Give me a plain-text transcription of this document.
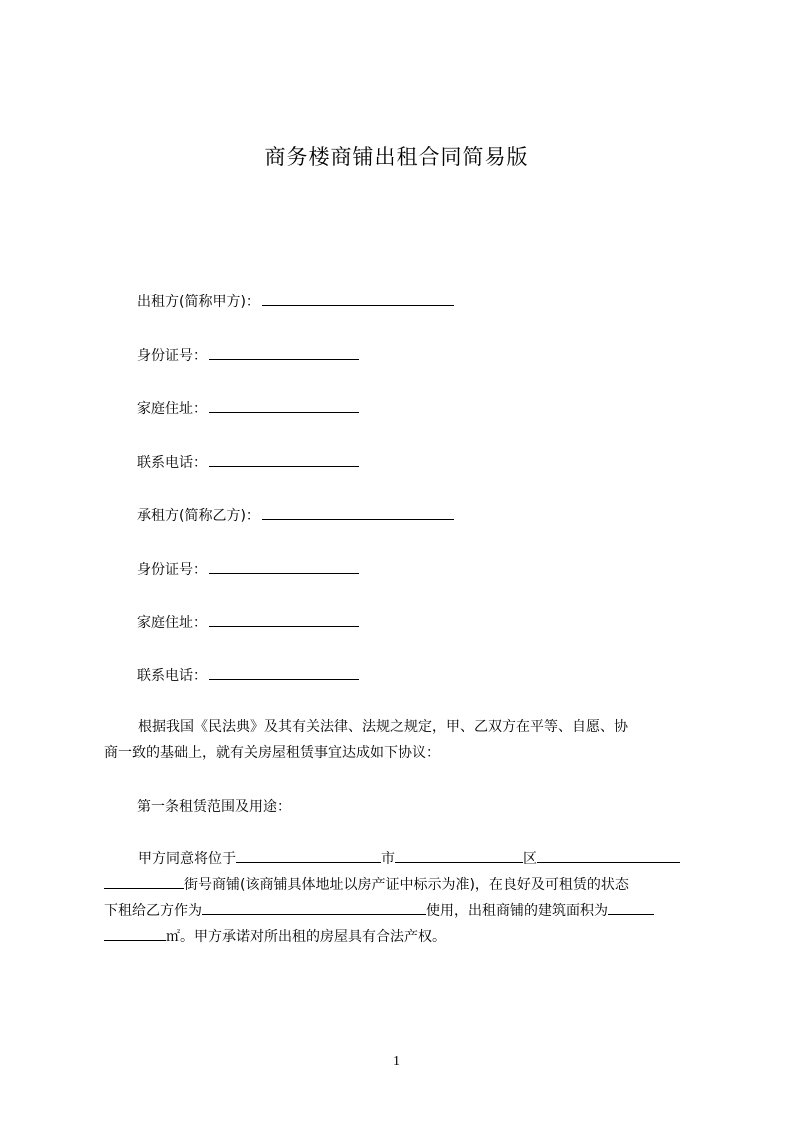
商务楼商铺出租合同简易版
出租方(简称甲方)：
身份证号：
家庭住址：
联系电话：
承租方(简称乙方)：
身份证号：
家庭住址：
联系电话：
根据我国《民法典》及其有关法律、法规之规定，甲、乙双方在平等、自愿、协
商一致的基础上，就有关房屋租赁事宜达成如下协议：
第一条租赁范围及用途：
甲方同意将位于	市	区
街号商铺(该商铺具体地址以房产证中标示为准)，在良好及可租赁的状态
下租给乙方作为	使用，出租商铺的建筑面积为
㎡。甲方承诺对所出租的房屋具有合法产权。
1
